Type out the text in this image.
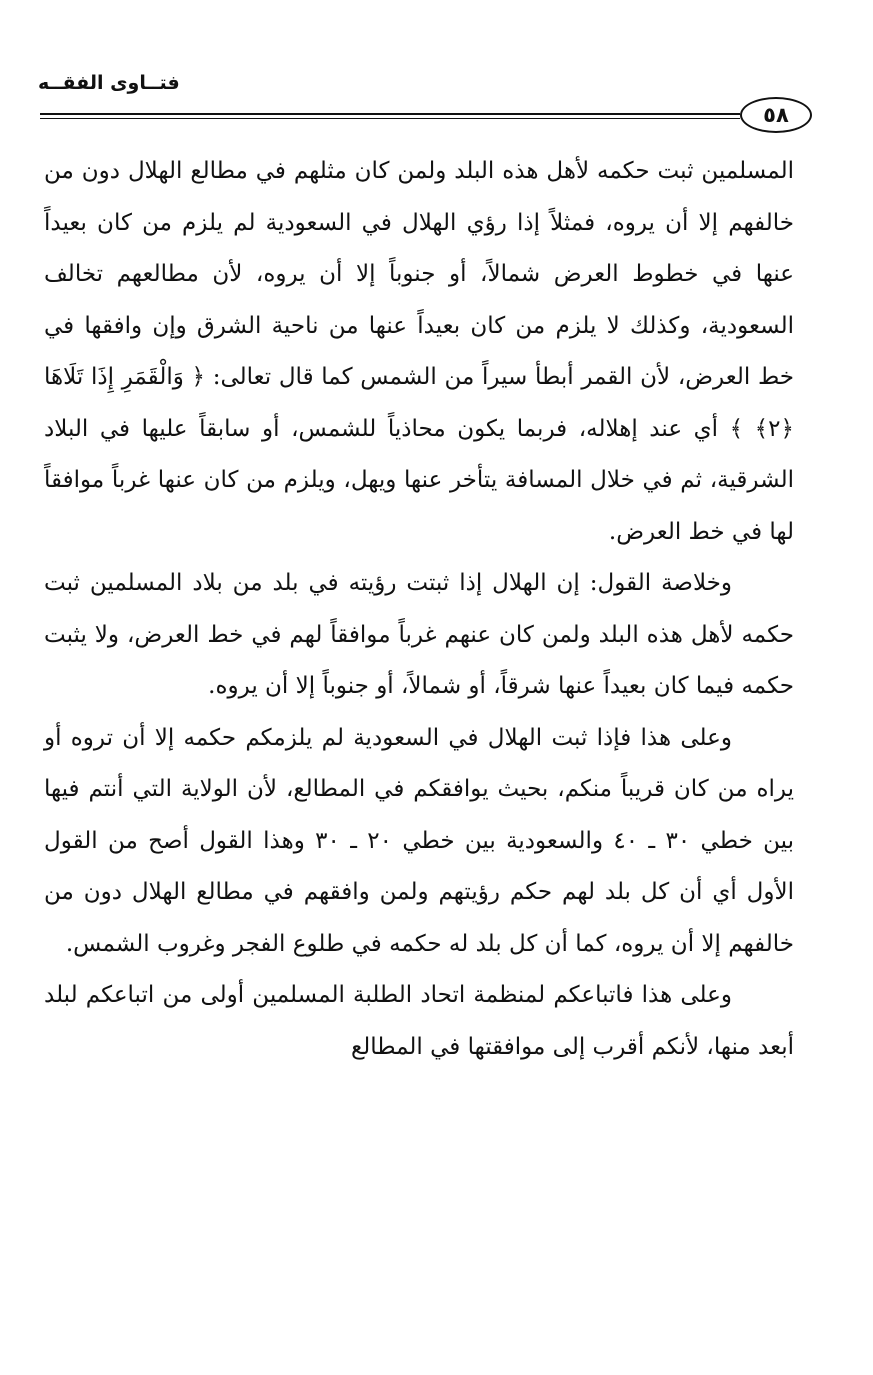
فتــاوى الفقــه
٥٨

المسلمين ثبت حكمه لأهل هذه البلد ولمن كان مثلهم في مطالع الهلال دون من خالفهم إلا أن يروه، فمثلاً إذا رؤي الهلال في السعودية لم يلزم من كان بعيداً عنها في خطوط العرض شمالاً، أو جنوباً إلا أن يروه، لأن مطالعهم تخالف السعودية، وكذلك لا يلزم من كان بعيداً عنها من ناحية الشرق وإن وافقها في خط العرض، لأن القمر أبطأ سيراً من الشمس كما قال تعالى: ﴿ وَالْقَمَرِ إِذَا تَلَاهَا ﴿٢﴾ ﴾ أي عند إهلاله، فربما يكون محاذياً للشمس، أو سابقاً عليها في البلاد الشرقية، ثم في خلال المسافة يتأخر عنها ويهل، ويلزم من كان عنها غرباً موافقاً لها في خط العرض.

وخلاصة القول: إن الهلال إذا ثبتت رؤيته في بلد من بلاد المسلمين ثبت حكمه لأهل هذه البلد ولمن كان عنهم غرباً موافقاً لهم في خط العرض، ولا يثبت حكمه فيما كان بعيداً عنها شرقاً، أو شمالاً، أو جنوباً إلا أن يروه.

وعلى هذا فإذا ثبت الهلال في السعودية لم يلزمكم حكمه إلا أن تروه أو يراه من كان قريباً منكم، بحيث يوافقكم في المطالع، لأن الولاية التي أنتم فيها بين خطي ٣٠ ـ ٤٠ والسعودية بين خطي ٢٠ ـ ٣٠ وهذا القول أصح من القول الأول أي أن كل بلد لهم حكم رؤيتهم ولمن وافقهم في مطالع الهلال دون من خالفهم إلا أن يروه، كما أن كل بلد له حكمه في طلوع الفجر وغروب الشمس.

وعلى هذا فاتباعكم لمنظمة اتحاد الطلبة المسلمين أولى من اتباعكم لبلد أبعد منها، لأنكم أقرب إلى موافقتها في المطالع
